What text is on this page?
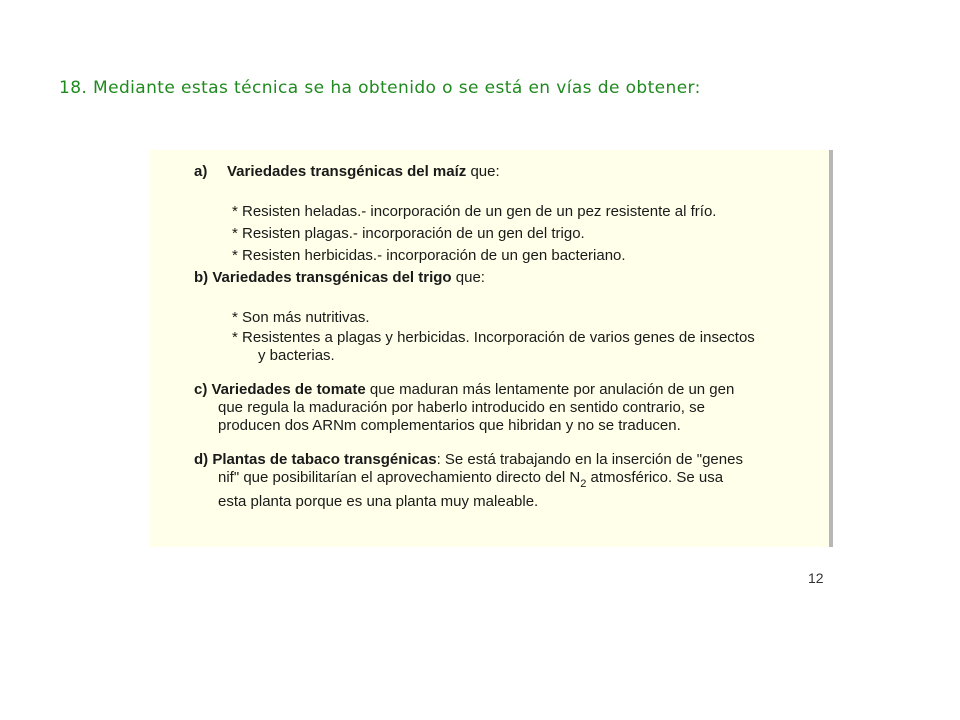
18. Mediante estas técnica se ha obtenido o se está en vías de obtener:

a)	Variedades transgénicas del maíz que:

* Resisten heladas.- incorporación de un gen de un pez resistente al frío.

* Resisten plagas.- incorporación de un gen del trigo.

* Resisten herbicidas.- incorporación de un gen bacteriano.

b) Variedades transgénicas del trigo que:

* Son más nutritivas.

* Resistentes a plagas y herbicidas. Incorporación de varios genes de insectos

y bacterias.

c) Variedades de tomate que maduran más lentamente por anulación de un gen

que regula la maduración por haberlo introducido en sentido contrario, se

producen dos ARNm complementarios que hibridan y no se traducen.

d) Plantas de tabaco transgénicas: Se está trabajando en la inserción de "genes

nif" que posibilitarían el aprovechamiento directo del $N_2$ atmosférico. Se usa

esta planta porque es una planta muy maleable.

12
